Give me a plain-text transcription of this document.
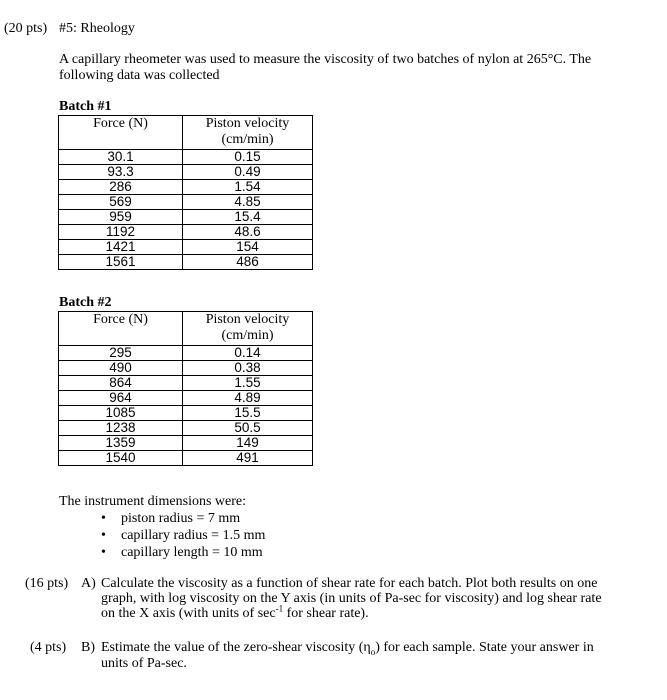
(20 pts) #5: Rheology
A capillary rheometer was used to measure the viscosity of two batches of nylon at 265°C. The
following data was collected
Batch #1
Force (N)	Piston velocity
(cm/min)
30.1	0.15
93.3	0.49
286	1.54
569	4.85
959	15.4
1192	48.6
1421	154
1561	486
Batch #2
Force (N)	Piston velocity
(cm/min)
295	0.14
490	0.38
864	1.55
964	4.89
1085	15.5
1238	50.5
1359	149
1540	491
The instrument dimensions were:
• piston radius = 7 mm
• capillary radius = 1.5 mm
• capillary length = 10 mm
(16 pts) A) Calculate the viscosity as a function of shear rate for each batch. Plot both results on one
graph, with log viscosity on the Y axis (in units of Pa-sec for viscosity) and log shear rate
on the X axis (with units of $\sec^{-1}$ for shear rate).
(4 pts) B) Estimate the value of the zero-shear viscosity $(\eta_o)$ for each sample. State your answer in
units of Pa-sec.
